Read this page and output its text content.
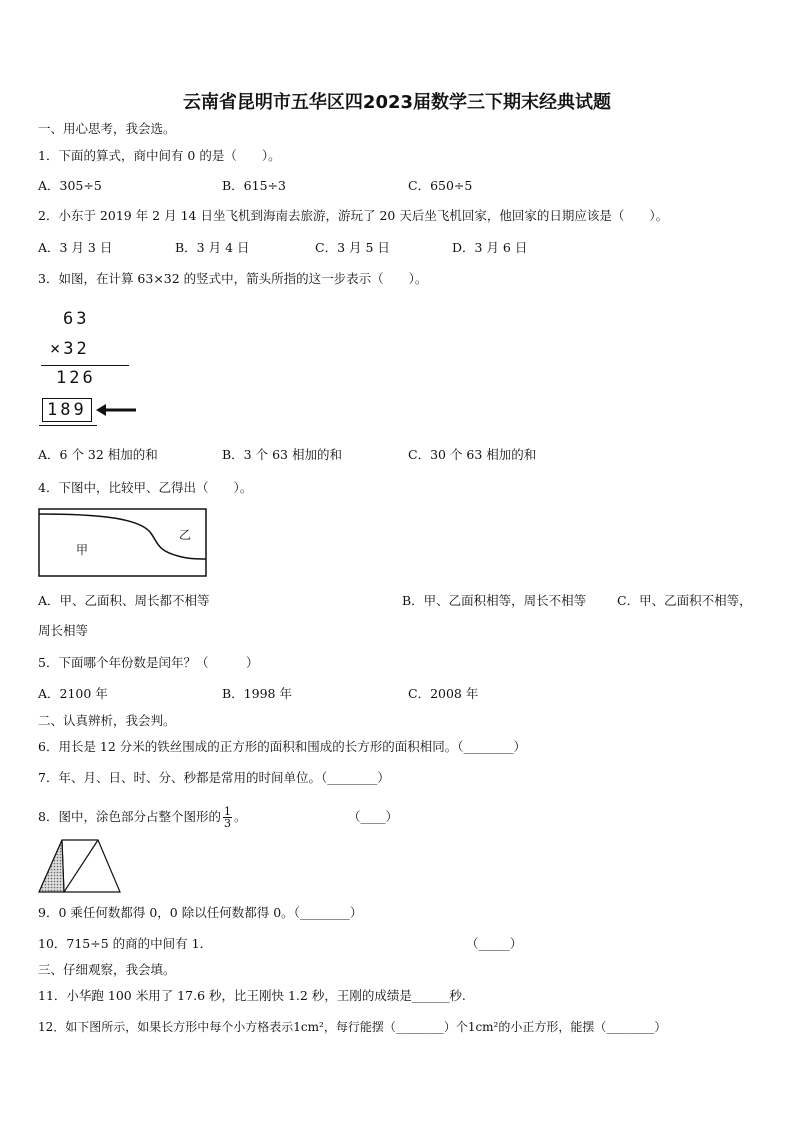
云南省昆明市五华区四2023届数学三下期末经典试题
一、用心思考，我会选。
1．下面的算式，商中间有 0 的是（　　）。
A．305÷5	B．615÷3	C．650÷5
2．小东于 2019 年 2 月 14 日坐飞机到海南去旅游，游玩了 20 天后坐飞机回家，他回家的日期应该是（　　）。
A．3 月 3 日	B．3 月 4 日	C．3 月 5 日	D．3 月 6 日
3．如图，在计算 63×32 的竖式中，箭头所指的这一步表示（　　）。
63
×32
126
189
A．6 个 32 相加的和	B．3 个 63 相加的和	C．30 个 63 相加的和
4．下图中，比较甲、乙得出（　　）。
甲
乙
A．甲、乙面积、周长都不相等	B．甲、乙面积相等，周长不相等 C．甲、乙面积不相等，
周长相等
5．下面哪个年份数是闰年？（　　　）
A．2100 年	B．1998 年	C．2008 年
二、认真辨析，我会判。
6．用长是 12 分米的铁丝围成的正方形的面积和围成的长方形的面积相同。（________）
7．年、月、日、时、分、秒都是常用的时间单位。（________）
8．图中，涂色部分占整个图形的 $\frac{1}{3}$ 。	（____）
9．0 乘任何数都得 0，0 除以任何数都得 0。（________）
10．715÷5 的商的中间有 1．	（_____）
三、仔细观察，我会填。
11．小华跑 100 米用了 17.6 秒，比王刚快 1.2 秒，王刚的成绩是______秒.
12．如下图所示，如果长方形中每个小方格表示1cm²，每行能摆（________）个1cm²的小正方形，能摆（________）
